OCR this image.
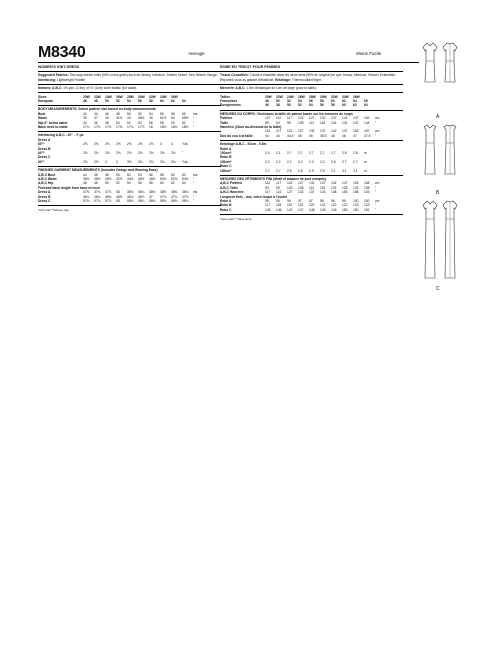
M8340	Average	Moins Facile
WOMEN'S KNIT DRESS
Suggested Fabrics: Two-way stretch knits (50% cross grain) such as Jersey, Interlock, Stretch Velvet. See Stretch Gauge. Interfacing: Lightweight Fusible.
Notions: A,B,C: 1⅜ yds. (1.5m) of ¾" (1cm) wide elastic (for waist).
Sizes	20W	22W	24W	26W	28W	30W	32W	34W	36W	
European	46	48	50	52	54	56	58	60	62	64
BODY MEASUREMENTS: Select pattern size based on body measurements
Bust	42	44	46	48	50	52	54	56	58	60	ins
Waist	35	37	39	41½	44	46½	49	51½	54	56½	"
Hip-9" below waist	44	46	48	50	52	54	56	58	60	62	"
Back neck to waist	17¼	17⅜	17½	17⅝	17¾	17⅞	18	18⅛	18¼	18⅜	"
Interfacing A,B,C - 20" - ½ yd.
Dress A										
60"*	2⅝	2⅝	2⅝	2⅝	2⅝	2⅝	2⅝	3	3	Yds.
Dress B										
60"*	2⅝	2⅝	2⅝	2⅝	2⅝	2⅝	2⅝	2⅝	2⅝	"
Dress C										
60"*	2⅝	2⅝	3	3	3⅛	3⅛	3⅛	3⅛	3⅛	Yds.
FINISHED GARMENT MEASUREMENTS (Includes Design and Wearing Ease)
A,B,C Bust	44	46	48	50	52	54	56	58	60	62	ins
A,B,C Waist	36½	38½	40½	42½	44½	46½	48½	50½	52½	54½	"
A,B,C Hip	46	48	50	52	54	56	58	60	62	64	"
Finished back length from base of neck
Dress A	37⅝	37¾	37⅞	38	38⅛	38¼	38⅜	38½	38⅝	38¾	ins
Dress B	46¼	46⅜	46½	46⅝	46¾	46⅞	47	47⅛	47¼	47⅜	"
Dress C	57⅝	57¾	57⅞	58	58⅛	58¼	58⅜	58½	58⅝	58¾	"
*with nap **without nap
ROBE EN TRICOT POUR FEMMES
Tissus Conseillés: Tricots à élasticité dans les deux sens (50% en largeur) tel que Jersey, Interlock, Velours Extensible. Reportez-vous au gabarit d'élasticité. Entoilage: Thermocollant léger.
Mercerie: A,B,C: 1.5m d'élastique de 1cm de large (pour la taille).
Tailles	20W	22W	24W	26W	28W	30W	32W	34W	36W	
Françaises	48	50	52	54	56	58	60	62	64	66
Européennes	46	48	50	52	54	56	58	60	62	64
MESURES DU CORPS: Choisissez la taille de patron basée sur les mesures de corps
Poitrine	107	112	117	122	127	132	137	142	147	152	cm
Taille	89	94	99	105	112	118	124	131	137	144	"
Hanches (23cm au-dessous de la taille)											
	112	117	122	127	132	137	142	147	152	157	cm
Dos du cou à la taille	44	44	44.5	45	45	45.5	46	46	47	47.5	"
Entoilage A,B,C - 51cm - 0.5m
Robe A										
150cm*	2.0	2.1	2.7	2.7	2.7	2.7	2.7	2.8	2.8	m
Robe B										
150cm*	2.2	2.2	2.2	2.2	2.2	2.3	2.6	2.7	2.7	m
Robe C										
150cm*	2.7	2.7	2.8	2.8	2.9	2.9	3.1	3.1	3.1	m
MESURES DES VÊTEMENTS FINI (Motif et aisance de port compris)
A,B,C Poitrine	112	117	122	127	132	137	142	147	152	158	cm
A,B,C Taille	93	98	103	108	114	119	124	128	133	138	"
A,B,C Hanches	117	122	127	132	137	143	148	153	158	163	"
Longueur finie - dos, votre nuque à l'ourlet
Robe A	95	95	96	97	97	98	98	99	100	100	cm
Robe B	117	118	119	119	120	121	122	122	123	123	"
Robe C	145	146	147	147	148	149	149	150	150	151	"
*avec sens **sans sens
A
B
C
